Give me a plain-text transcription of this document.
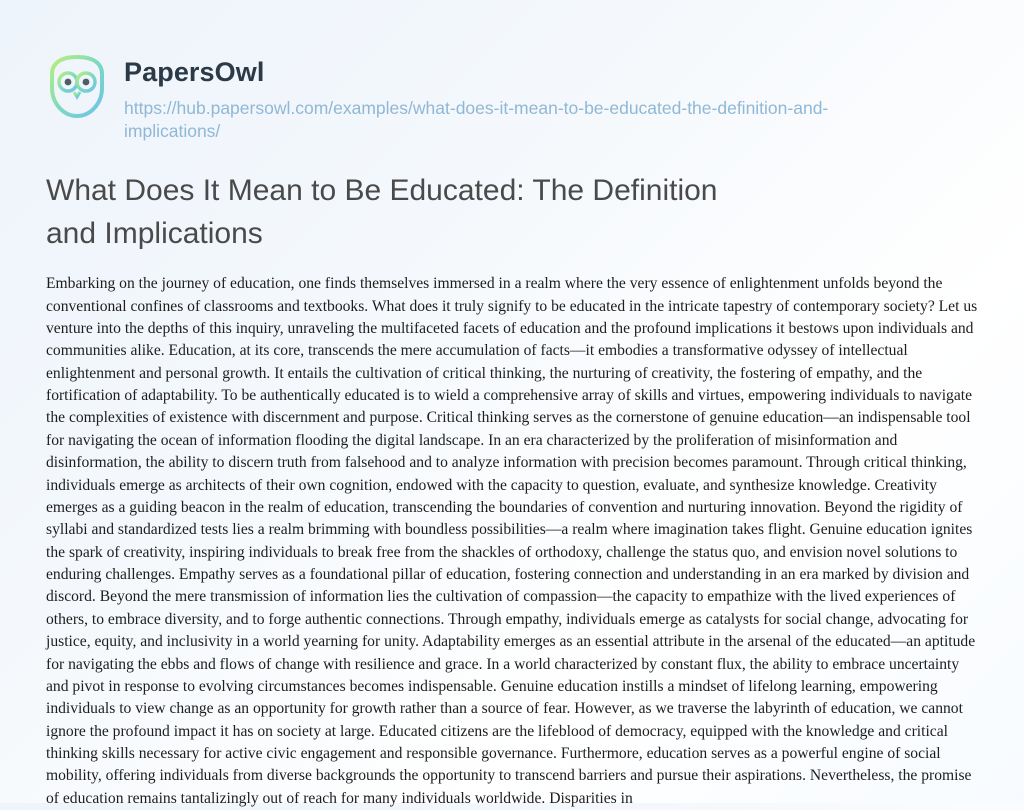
PapersOwl
https://hub.papersowl.com/examples/what-does-it-mean-to-be-educated-the-definition-and-implications/
What Does It Mean to Be Educated: The Definition and Implications

Embarking on the journey of education, one finds themselves immersed in a realm where the very essence of enlightenment unfolds beyond the conventional confines of classrooms and textbooks. What does it truly signify to be educated in the intricate tapestry of contemporary society? Let us venture into the depths of this inquiry, unraveling the multifaceted facets of education and the profound implications it bestows upon individuals and communities alike. Education, at its core, transcends the mere accumulation of facts—it embodies a transformative odyssey of intellectual enlightenment and personal growth. It entails the cultivation of critical thinking, the nurturing of creativity, the fostering of empathy, and the fortification of adaptability. To be authentically educated is to wield a comprehensive array of skills and virtues, empowering individuals to navigate the complexities of existence with discernment and purpose. Critical thinking serves as the cornerstone of genuine education—an indispensable tool for navigating the ocean of information flooding the digital landscape. In an era characterized by the proliferation of misinformation and disinformation, the ability to discern truth from falsehood and to analyze information with precision becomes paramount. Through critical thinking, individuals emerge as architects of their own cognition, endowed with the capacity to question, evaluate, and synthesize knowledge. Creativity emerges as a guiding beacon in the realm of education, transcending the boundaries of convention and nurturing innovation. Beyond the rigidity of syllabi and standardized tests lies a realm brimming with boundless possibilities—a realm where imagination takes flight. Genuine education ignites the spark of creativity, inspiring individuals to break free from the shackles of orthodoxy, challenge the status quo, and envision novel solutions to enduring challenges. Empathy serves as a foundational pillar of education, fostering connection and understanding in an era marked by division and discord. Beyond the mere transmission of information lies the cultivation of compassion—the capacity to empathize with the lived experiences of others, to embrace diversity, and to forge authentic connections. Through empathy, individuals emerge as catalysts for social change, advocating for justice, equity, and inclusivity in a world yearning for unity. Adaptability emerges as an essential attribute in the arsenal of the educated—an aptitude for navigating the ebbs and flows of change with resilience and grace. In a world characterized by constant flux, the ability to embrace uncertainty and pivot in response to evolving circumstances becomes indispensable. Genuine education instills a mindset of lifelong learning, empowering individuals to view change as an opportunity for growth rather than a source of fear. However, as we traverse the labyrinth of education, we cannot ignore the profound impact it has on society at large. Educated citizens are the lifeblood of democracy, equipped with the knowledge and critical thinking skills necessary for active civic engagement and responsible governance. Furthermore, education serves as a powerful engine of social mobility, offering individuals from diverse backgrounds the opportunity to transcend barriers and pursue their aspirations. Nevertheless, the promise of education remains tantalizingly out of reach for many individuals worldwide. Disparities in
